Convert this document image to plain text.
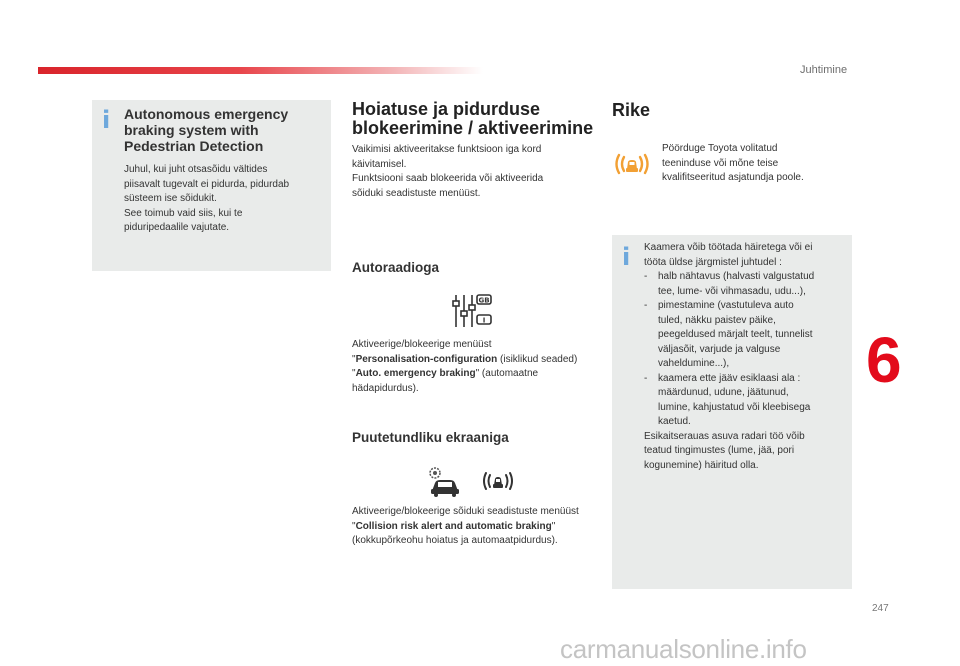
Juhtimine
i Autonomous emergency braking system with Pedestrian Detection
Juhul, kui juht otsasõidu vältides
piisavalt tugevalt ei pidurda, pidurdab
süsteem ise sõidukit.
See toimub vaid siis, kui te
piduripedaalile vajutate.
Hoiatuse ja pidurduse blokeerimine / aktiveerimine
Vaikimisi aktiveeritakse funktsioon iga kord
käivitamisel.
Funktsiooni saab blokeerida või aktiveerida
sõiduki seadistuste menüüst.
Autoraadioga
GB
I
Aktiveerige/blokeerige menüüst
"Personalisation-configuration (isiklikud seaded) "Auto. emergency braking" (automaatne hädapidurdus).
Puutetundliku ekraaniga
Aktiveerige/blokeerige sõiduki seadistuste menüüst "Collision risk alert and automatic braking" (kokkupõrkeohu hoiatus ja automaatpidurdus).
Rike
Pöörduge Toyota volitatud
teeninduse või mõne teise
kvalifitseeritud asjatundja poole.
i Kaamera võib töötada häiretega või ei
tööta üldse järgmistel juhtudel :
-	halb nähtavus (halvasti valgustatud
tee, lume- või vihmasadu, udu...),
-	pimestamine (vastutuleva auto
tuled, näkku paistev päike,
peegeldused märjalt teelt, tunnelist
väljasõit, varjude ja valguse
vaheldumine...),
-	kaamera ette jääv esiklaasi ala :
määrdunud, udune, jäätunud,
lumine, kahjustatud või kleebisega
kaetud.
Esikaitserauas asuva radari töö võib
teatud tingimustes (lume, jää, pori
kogunemine) häiritud olla.
6
247
carmanualsonline.info
